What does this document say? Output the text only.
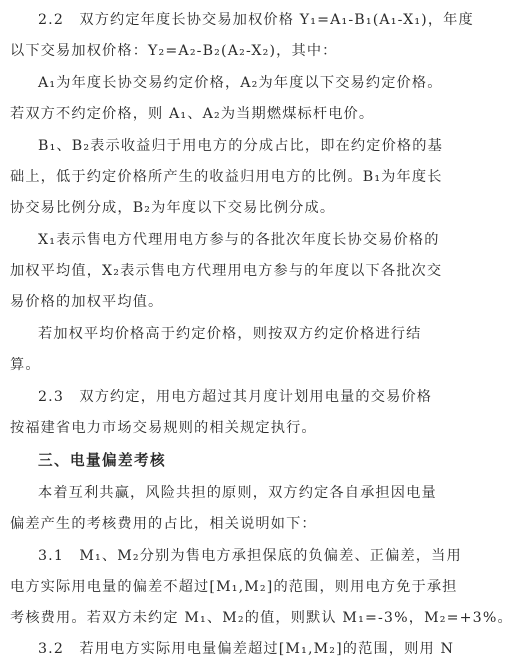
2.2　双方约定年度长协交易加权价格 Y₁=A₁-B₁(A₁-X₁)，年度

以下交易加权价格：Y₂=A₂-B₂(A₂-X₂)，其中：

A₁为年度长协交易约定价格，A₂为年度以下交易约定价格。

若双方不约定价格，则 A₁、A₂为当期燃煤标杆电价。

B₁、B₂表示收益归于用电方的分成占比，即在约定价格的基

础上，低于约定价格所产生的收益归用电方的比例。B₁为年度长

协交易比例分成，B₂为年度以下交易比例分成。

X₁表示售电方代理用电方参与的各批次年度长协交易价格的

加权平均值，X₂表示售电方代理用电方参与的年度以下各批次交

易价格的加权平均值。

若加权平均价格高于约定价格，则按双方约定价格进行结

算。

2.3　双方约定，用电方超过其月度计划用电量的交易价格

按福建省电力市场交易规则的相关规定执行。

三、电量偏差考核

本着互利共赢，风险共担的原则，双方约定各自承担因电量

偏差产生的考核费用的占比，相关说明如下：

3.1　M₁、M₂分别为售电方承担保底的负偏差、正偏差，当用

电方实际用电量的偏差不超过[M₁,M₂]的范围，则用电方免于承担

考核费用。若双方未约定 M₁、M₂的值，则默认 M₁=-3%，M₂=+3%。

3.2　若用电方实际用电量偏差超过[M₁,M₂]的范围，则用 N
